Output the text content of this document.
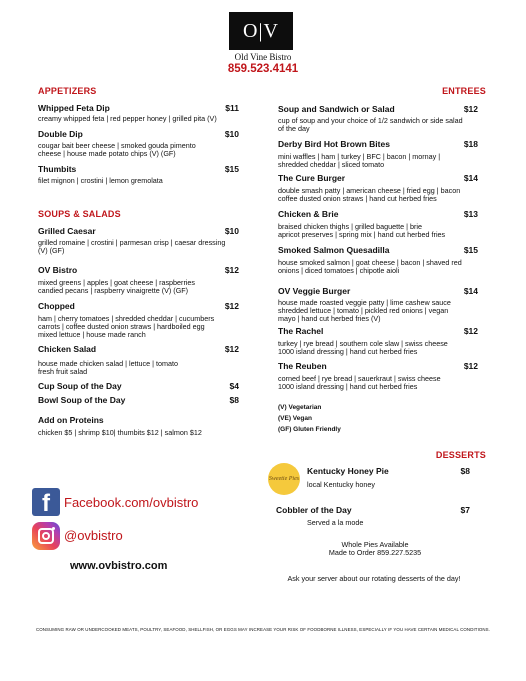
O|V
Old Vine Bistro
859.523.4141
APPETIZERS
Whipped Feta Dip	$11
creamy whipped feta | red pepper honey | grilled pita (V)
Double Dip	$10
cougar bait beer cheese | smoked gouda pimento
cheese | house made potato chips (V) (GF)
Thumbits	$15
filet mignon | crostini | lemon gremolata
SOUPS & SALADS
Grilled Caesar	$10
grilled romaine | crostini | parmesan crisp | caesar dressing
(V) (GF)
OV Bistro	$12
mixed greens | apples | goat cheese | raspberries
candied pecans | raspberry vinaigrette (V) (GF)
Chopped	$12
ham | cherry tomatoes | shredded cheddar | cucumbers
carrots | coffee dusted onion straws | hardboiled egg
mixed lettuce | house made ranch
Chicken Salad	$12
house made chicken salad | lettuce | tomato
fresh fruit salad
Cup Soup of the Day	$4
Bowl Soup of the Day	$8
Add on Proteins
chicken $5 | shrimp $10| thumbits $12 | salmon $12
ENTREES
Soup and Sandwich or Salad	$12
cup of soup and your choice of 1/2 sandwich or side salad
of the day
Derby Bird Hot Brown Bites	$18
mini waffles | ham | turkey | BFC | bacon | mornay |
shredded cheddar | sliced tomato
The Cure Burger	$14
double smash patty | american cheese | fried egg | bacon
coffee dusted onion straws | hand cut herbed fries
Chicken & Brie	$13
braised chicken thighs | grilled baguette | brie
apricot preserves | spring mix | hand cut herbed fries
Smoked Salmon Quesadilla	$15
house smoked salmon | goat cheese | bacon | shaved red
onions | diced tomatoes | chipotle aioli
OV Veggie Burger	$14
house made roasted veggie patty | lime cashew sauce
shredded lettuce | tomato | pickled red onions | vegan
mayo | hand cut herbed fries (V)
The Rachel	$12
turkey | rye bread | southern cole slaw | swiss cheese
1000 island dressing | hand cut herbed fries
The Reuben	$12
corned beef | rye bread | sauerkraut | swiss cheese
1000 island dressing | hand cut herbed fries
(V) Vegetarian
(VE) Vegan
(GF) Gluten Friendly
DESSERTS
Sweetie Pies
Kentucky Honey Pie	$8
local Kentucky honey
Cobbler of the Day	$7
Served a la mode
Whole Pies Available
Made to Order 859.227.5235
Ask your server about our rotating desserts of the day!
f	Facebook.com/ovbistro
@ovbistro
www.ovbistro.com
CONSUMING RAW OR UNDERCOOKED MEATS, POULTRY, SEAFOOD, SHELLFISH, OR EGGS MAY INCREASE YOUR RISK OF FOODBORNE ILLNESS, ESPECIALLY IF YOU HAVE CERTAIN MEDICAL CONDITIONS.
